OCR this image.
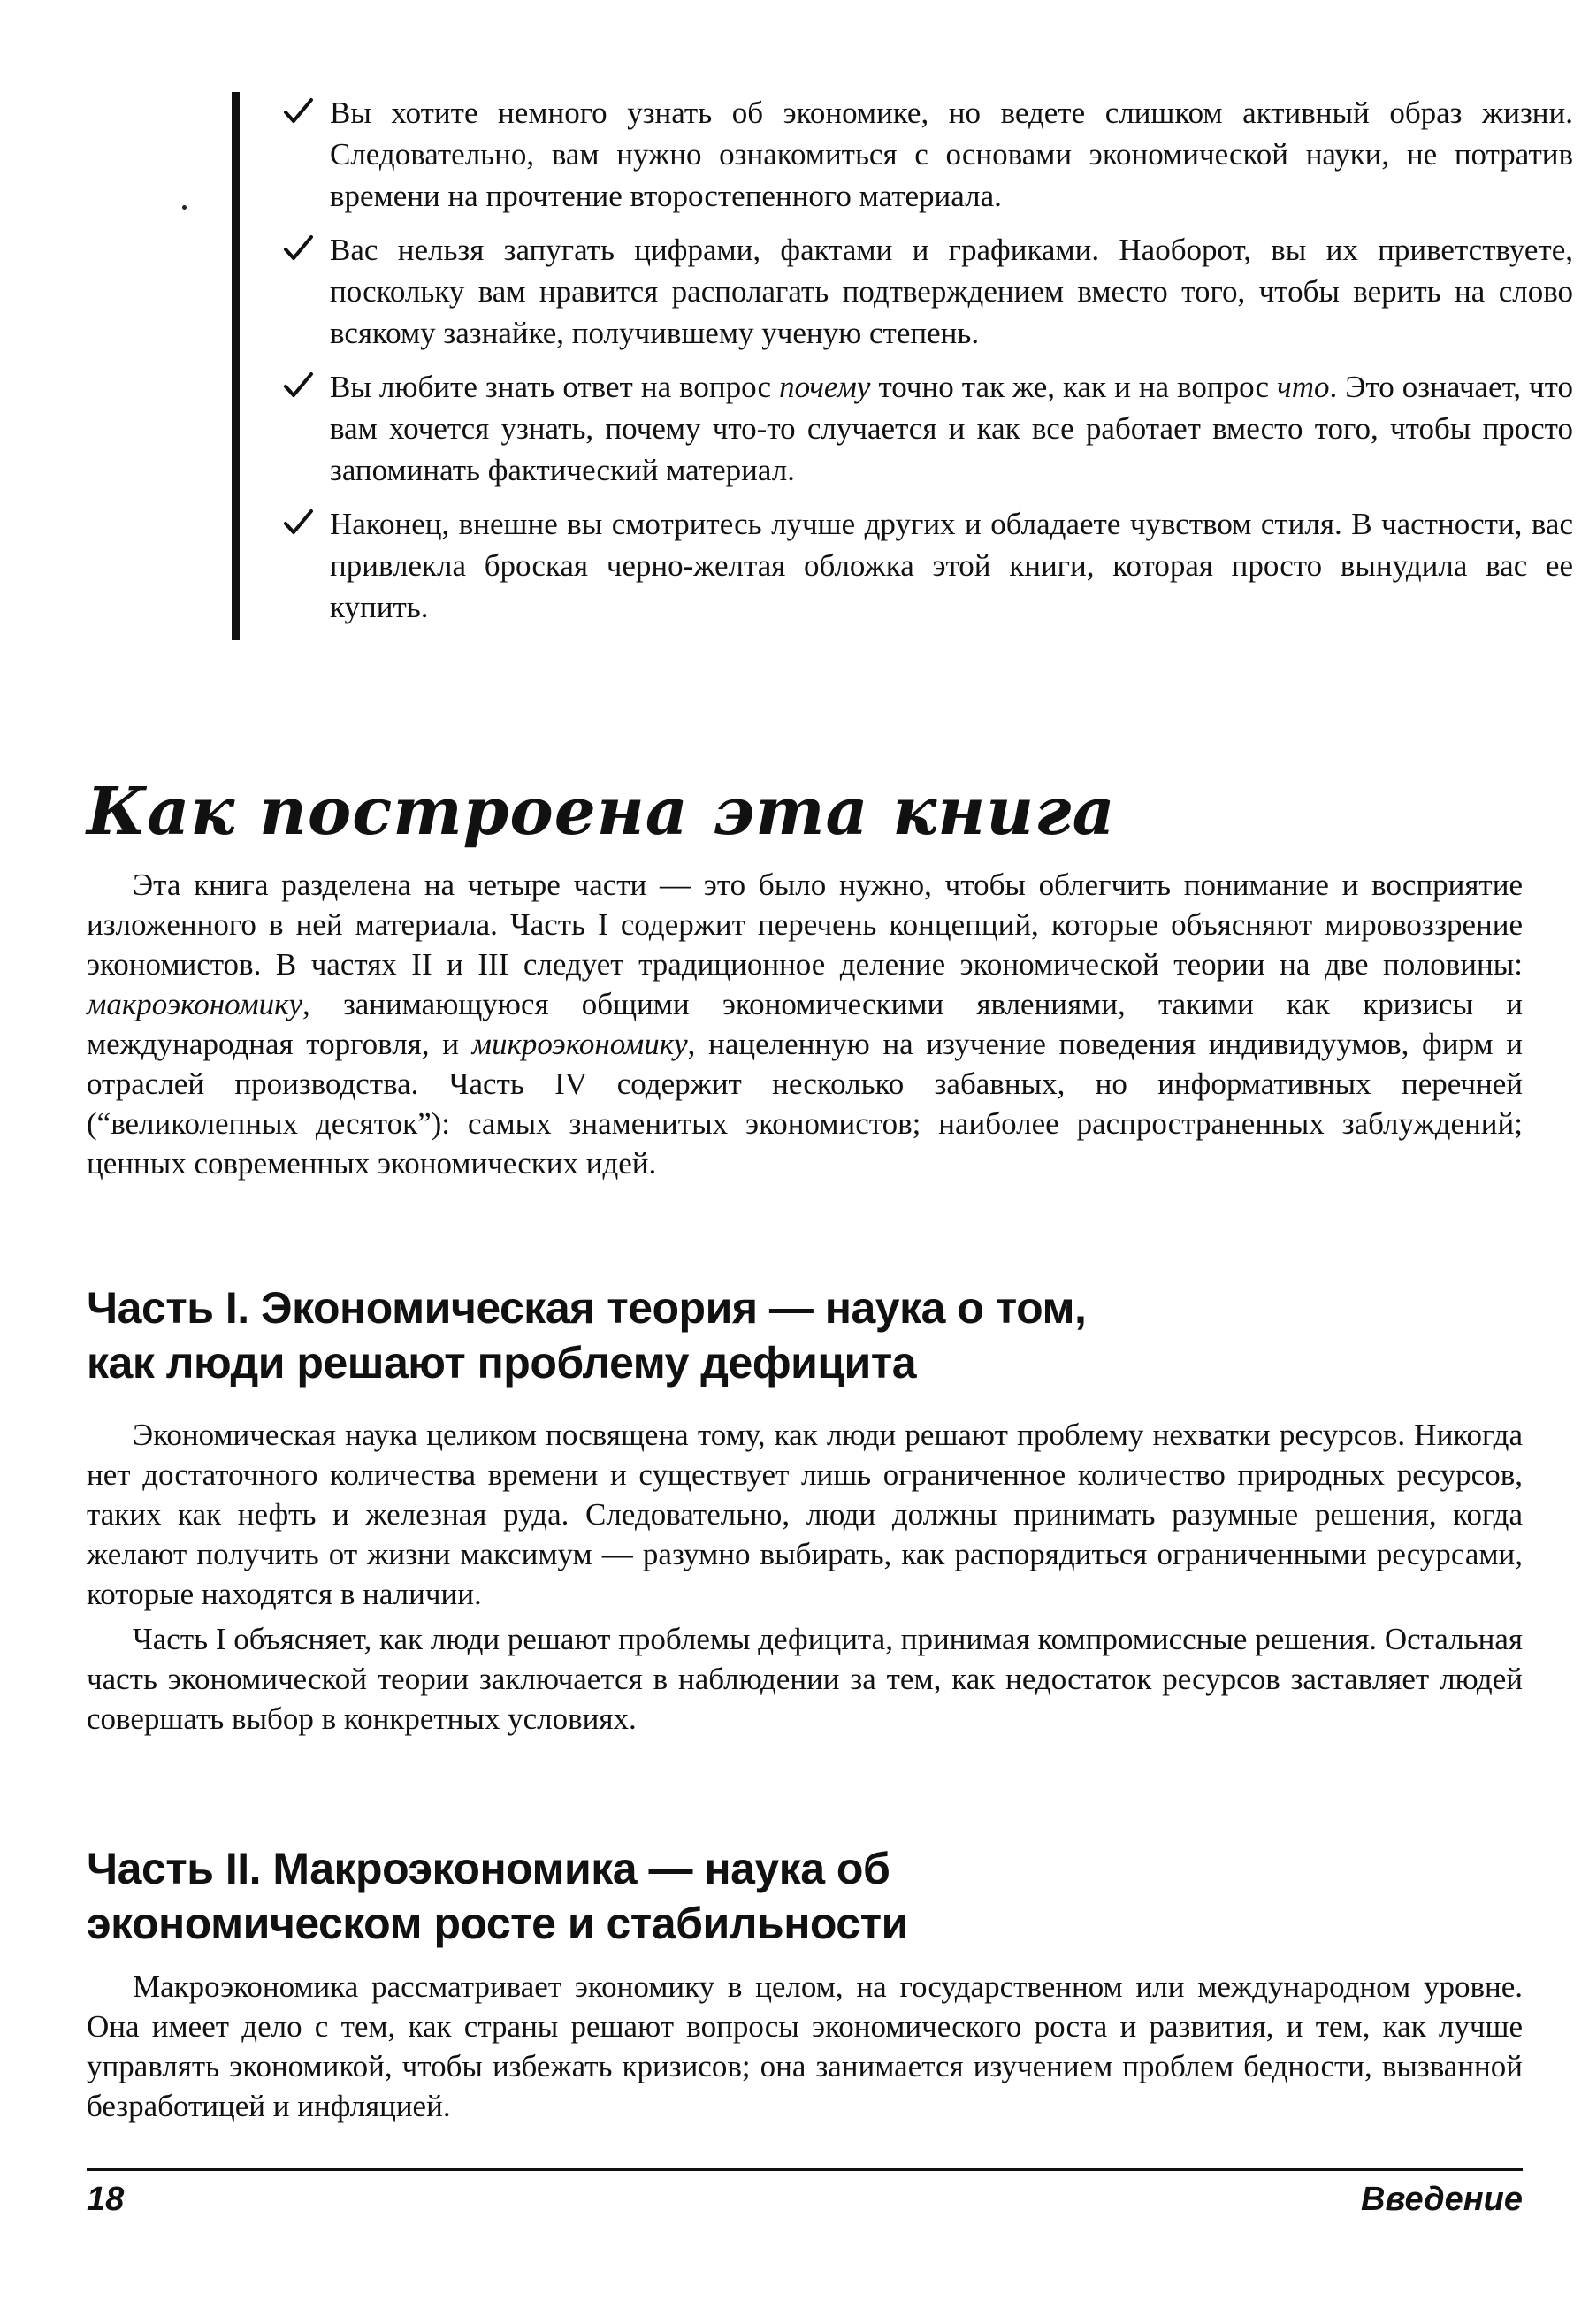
Вы хотите немного узнать об экономике, но ведете слишком активный образ жизни. Следовательно, вам нужно ознакомиться с основами экономической науки, не потратив времени на прочтение второстепенного материала.
Вас нельзя запугать цифрами, фактами и графиками. Наоборот, вы их приветствуете, поскольку вам нравится располагать подтверждением вместо того, чтобы верить на слово всякому зазнайке, получившему ученую степень.
Вы любите знать ответ на вопрос почему точно так же, как и на вопрос что. Это означает, что вам хочется узнать, почему что-то случается и как все работает вместо того, чтобы просто запоминать фактический материал.
Наконец, внешне вы смотритесь лучше других и обладаете чувством стиля. В частности, вас привлекла броская черно-желтая обложка этой книги, которая просто вынудила вас ее купить.
Как построена эта книга

Эта книга разделена на четыре части — это было нужно, чтобы облегчить понимание и восприятие изложенного в ней материала. Часть I содержит перечень концепций, которые объясняют мировоззрение экономистов. В частях II и III следует традиционное деление экономической теории на две половины: макроэкономику, занимающуюся общими экономическими явлениями, такими как кризисы и международная торговля, и микроэкономику, нацеленную на изучение поведения индивидуумов, фирм и отраслей производства. Часть IV содержит несколько забавных, но информативных перечней (“великолепных десяток”): самых знаменитых экономистов; наиболее распространенных заблуждений; ценных современных экономических идей.

Часть I. Экономическая теория — наука о том,
как люди решают проблему дефицита

Экономическая наука целиком посвящена тому, как люди решают проблему нехватки ресурсов. Никогда нет достаточного количества времени и существует лишь ограниченное количество природных ресурсов, таких как нефть и железная руда. Следовательно, люди должны принимать разумные решения, когда желают получить от жизни максимум — разумно выбирать, как распорядиться ограниченными ресурсами, которые находятся в наличии.

Часть I объясняет, как люди решают проблемы дефицита, принимая компромиссные решения. Остальная часть экономической теории заключается в наблюдении за тем, как недостаток ресурсов заставляет людей совершать выбор в конкретных условиях.

Часть II. Макроэкономика — наука об
экономическом росте и стабильности

Макроэкономика рассматривает экономику в целом, на государственном или международном уровне. Она имеет дело с тем, как страны решают вопросы экономического роста и развития, и тем, как лучше управлять экономикой, чтобы избежать кризисов; она занимается изучением проблем бедности, вызванной безработицей и инфляцией.

18	Введение
